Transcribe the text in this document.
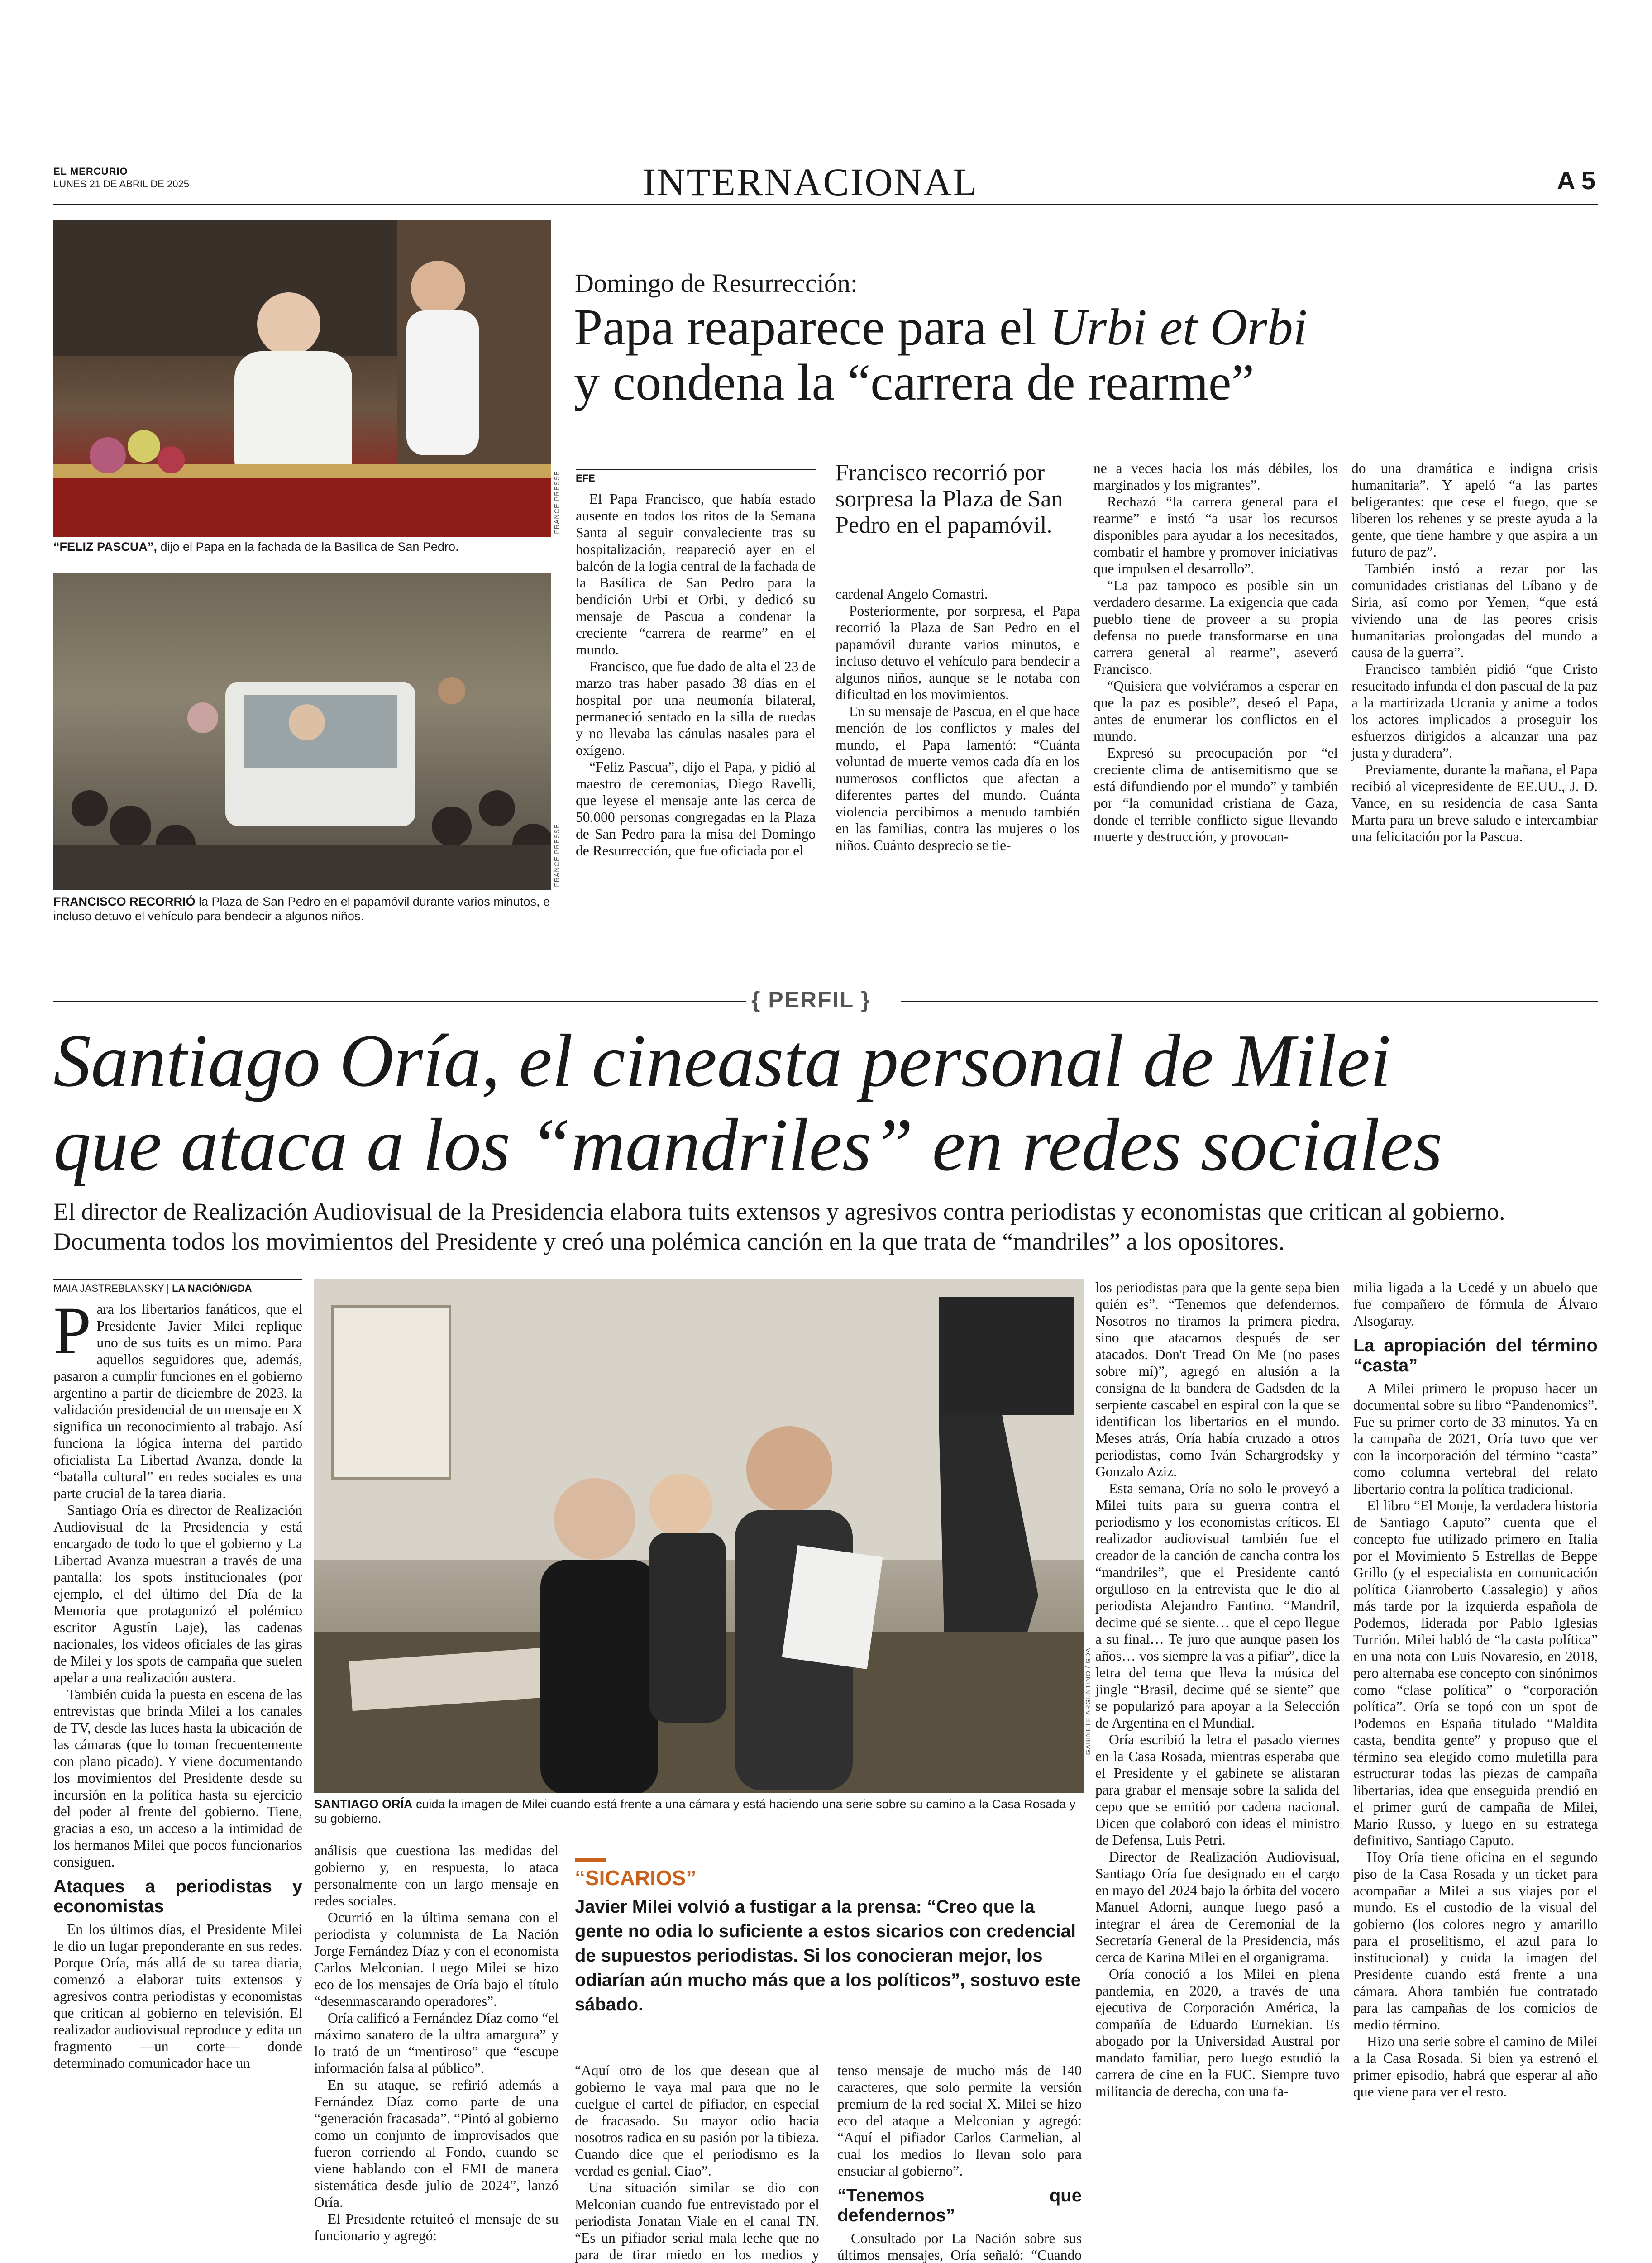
EL MERCURIO
LUNES 21 DE ABRIL DE 2025	INTERNACIONAL	A 5
FRANCE PRESSE
“FELIZ PASCUA”, dijo el Papa en la fachada de la Basílica de San Pedro.
FRANCE PRESSE
FRANCISCO RECORRIÓ la Plaza de San Pedro en el papamóvil durante varios minutos, e incluso detuvo el vehículo para bendecir a algunos niños.
Domingo de Resurrección:
Papa reaparece para el Urbi et Orbi
y condena la “carrera de rearme”
EFE

El Papa Francisco, que había estado ausente en todos los ritos de la Semana Santa al seguir convaleciente tras su hospitalización, reapareció ayer en el balcón de la logia central de la fachada de la Basílica de San Pedro para la bendición Urbi et Orbi, y dedicó su mensaje de Pascua a condenar la creciente “carrera de rearme” en el mundo.

Francisco, que fue dado de alta el 23 de marzo tras haber pasado 38 días en el hospital por una neumonía bilateral, permaneció sentado en la silla de ruedas y no llevaba las cánulas nasales para el oxígeno.

“Feliz Pascua”, dijo el Papa, y pidió al maestro de ceremonias, Diego Ravelli, que leyese el mensaje ante las cerca de 50.000 personas congregadas en la Plaza de San Pedro para la misa del Domingo de Resurrección, que fue oficiada por el

Francisco recorrió por sorpresa la Plaza de San Pedro en el papamóvil.

cardenal Angelo Comastri.

Posteriormente, por sorpresa, el Papa recorrió la Plaza de San Pedro en el papamóvil durante varios minutos, e incluso detuvo el vehículo para bendecir a algunos niños, aunque se le notaba con dificultad en los movimientos.

En su mensaje de Pascua, en el que hace mención de los conflictos y males del mundo, el Papa lamentó: “Cuánta voluntad de muerte vemos cada día en los numerosos conflictos que afectan a diferentes partes del mundo. Cuánta violencia percibimos a menudo también en las familias, contra las mujeres o los niños. Cuánto desprecio se tie-

ne a veces hacia los más débiles, los marginados y los migrantes”.

Rechazó “la carrera general para el rearme” e instó “a usar los recursos disponibles para ayudar a los necesitados, combatir el hambre y promover iniciativas que impulsen el desarrollo”.

“La paz tampoco es posible sin un verdadero desarme. La exigencia que cada pueblo tiene de proveer a su propia defensa no puede transformarse en una carrera general al rearme”, aseveró Francisco.

“Quisiera que volviéramos a esperar en que la paz es posible”, deseó el Papa, antes de enumerar los conflictos en el mundo.

Expresó su preocupación por “el creciente clima de antisemitismo que se está difundiendo por el mundo” y también por “la comunidad cristiana de Gaza, donde el terrible conflicto sigue llevando muerte y destrucción, y provocan-

do una dramática e indigna crisis humanitaria”. Y apeló “a las partes beligerantes: que cese el fuego, que se liberen los rehenes y se preste ayuda a la gente, que tiene hambre y que aspira a un futuro de paz”.

También instó a rezar por las comunidades cristianas del Líbano y de Siria, así como por Yemen, “que está viviendo una de las peores crisis humanitarias prolongadas del mundo a causa de la guerra”.

Francisco también pidió “que Cristo resucitado infunda el don pascual de la paz a la martirizada Ucrania y anime a todos los actores implicados a proseguir los esfuerzos dirigidos a alcanzar una paz justa y duradera”.

Previamente, durante la mañana, el Papa recibió al vicepresidente de EE.UU., J. D. Vance, en su residencia de casa Santa Marta para un breve saludo e intercambiar una felicitación por la Pascua.

{ PERFIL }
Santiago Oría, el cineasta personal de Milei
que ataca a los “mandriles” en redes sociales
El director de Realización Audiovisual de la Presidencia elabora tuits extensos y agresivos contra periodistas y economistas que critican al gobierno. Documenta todos los movimientos del Presidente y creó una polémica canción en la que trata de “mandriles” a los opositores.
MAIA JASTREBLANSKY | LA NACIÓN/GDA

Para los libertarios fanáticos, que el Presidente Javier Milei replique uno de sus tuits es un mimo. Para aquellos seguidores que, además, pasaron a cumplir funciones en el gobierno argentino a partir de diciembre de 2023, la validación presidencial de un mensaje en X significa un reconocimiento al trabajo. Así funciona la lógica interna del partido oficialista La Libertad Avanza, donde la “batalla cultural” en redes sociales es una parte crucial de la tarea diaria.

Santiago Oría es director de Realización Audiovisual de la Presidencia y está encargado de todo lo que el gobierno y La Libertad Avanza muestran a través de una pantalla: los spots institucionales (por ejemplo, el del último del Día de la Memoria que protagonizó el polémico escritor Agustín Laje), las cadenas nacionales, los videos oficiales de las giras de Milei y los spots de campaña que suelen apelar a una realización austera.

También cuida la puesta en escena de las entrevistas que brinda Milei a los canales de TV, desde las luces hasta la ubicación de las cámaras (que lo toman frecuentemente con plano picado). Y viene documentando los movimientos del Presidente desde su incursión en la política hasta su ejercicio del poder al frente del gobierno. Tiene, gracias a eso, un acceso a la intimidad de los hermanos Milei que pocos funcionarios consiguen.

Ataques a periodistas y economistas

En los últimos días, el Presidente Milei le dio un lugar preponderante en sus redes. Porque Oría, más allá de su tarea diaria, comenzó a elaborar tuits extensos y agresivos contra periodistas y economistas que critican al gobierno en televisión. El realizador audiovisual reproduce y edita un fragmento —un corte— donde determinado comunicador hace un

GABINETE ARGENTINO / GDA
SANTIAGO ORÍA cuida la imagen de Milei cuando está frente a una cámara y está haciendo una serie sobre su camino a la Casa Rosada y su gobierno.

análisis que cuestiona las medidas del gobierno y, en respuesta, lo ataca personalmente con un largo mensaje en redes sociales.

Ocurrió en la última semana con el periodista y columnista de La Nación Jorge Fernández Díaz y con el economista Carlos Melconian. Luego Milei se hizo eco de los mensajes de Oría bajo el título “desenmascarando operadores”.

Oría calificó a Fernández Díaz como “el máximo sanatero de la ultra amargura” y lo trató de un “mentiroso” que “escupe información falsa al público”.

En su ataque, se refirió además a Fernández Díaz como parte de una “generación fracasada”. “Pintó al gobierno como un conjunto de improvisados que fueron corriendo al Fondo, cuando se viene hablando con el FMI de manera sistemática desde julio de 2024”, lanzó Oría.

El Presidente retuiteó el mensaje de su funcionario y agregó:

“SICARIOS”
Javier Milei volvió a fustigar a la prensa: “Creo que la gente no odia lo suficiente a estos sicarios con credencial de supuestos periodistas. Si los conocieran mejor, los odiarían aún mucho más que a los políticos”, sostuvo este sábado.

“Aquí otro de los que desean que al gobierno le vaya mal para que no le cuelgue el cartel de pifiador, en especial de fracasado. Su mayor odio hacia nosotros radica en su pasión por la tibieza. Cuando dice que el periodismo es la verdad es genial. Ciao”.

Una situación similar se dio con Melconian cuando fue entrevistado por el periodista Jonatan Viale en el canal TN. “Es un pifiador serial mala leche que no para de tirar miedo en los medios y

tenso mensaje de mucho más de 140 caracteres, que solo permite la versión premium de la red social X. Milei se hizo eco del ataque a Melconian y agregó: “Aquí el pifiador Carlos Carmelian, al cual los medios lo llevan solo para ensuciar al gobierno”.

“Tenemos que defendernos”

Consultado por La Nación sobre sus últimos mensajes, Oría señaló: “Cuando

los periodistas para que la gente sepa bien quién es”. “Tenemos que defendernos. Nosotros no tiramos la primera piedra, sino que atacamos después de ser atacados. Don't Tread On Me (no pases sobre mí)”, agregó en alusión a la consigna de la bandera de Gadsden de la serpiente cascabel en espiral con la que se identifican los libertarios en el mundo. Meses atrás, Oría había cruzado a otros periodistas, como Iván Schargrodsky y Gonzalo Aziz.

Esta semana, Oría no solo le proveyó a Milei tuits para su guerra contra el periodismo y los economistas críticos. El realizador audiovisual también fue el creador de la canción de cancha contra los “mandriles”, que el Presidente cantó orgulloso en la entrevista que le dio al periodista Alejandro Fantino. “Mandril, decime qué se siente… que el cepo llegue a su final… Te juro que aunque pasen los años… vos siempre la vas a pifiar”, dice la letra del tema que lleva la música del jingle “Brasil, decime qué se siente” que se popularizó para apoyar a la Selección de Argentina en el Mundial.

Oría escribió la letra el pasado viernes en la Casa Rosada, mientras esperaba que el Presidente y el gabinete se alistaran para grabar el mensaje sobre la salida del cepo que se emitió por cadena nacional. Dicen que colaboró con ideas el ministro de Defensa, Luis Petri.

Director de Realización Audiovisual, Santiago Oría fue designado en el cargo en mayo del 2024 bajo la órbita del vocero Manuel Adorni, aunque luego pasó a integrar el área de Ceremonial de la Secretaría General de la Presidencia, más cerca de Karina Milei en el organigrama.

Oría conoció a los Milei en plena pandemia, en 2020, a través de una ejecutiva de Corporación América, la compañía de Eduardo Eurnekian. Es abogado por la Universidad Austral por mandato familiar, pero luego estudió la carrera de cine en la FUC. Siempre tuvo militancia de derecha, con una fa-

milia ligada a la Ucedé y un abuelo que fue compañero de fórmula de Álvaro Alsogaray.

La apropiación del término “casta”

A Milei primero le propuso hacer un documental sobre su libro “Pandenomics”. Fue su primer corto de 33 minutos. Ya en la campaña de 2021, Oría tuvo que ver con la incorporación del término “casta” como columna vertebral del relato libertario contra la política tradicional.

El libro “El Monje, la verdadera historia de Santiago Caputo” cuenta que el concepto fue utilizado primero en Italia por el Movimiento 5 Estrellas de Beppe Grillo (y el especialista en comunicación política Gianroberto Cassalegio) y años más tarde por la izquierda española de Podemos, liderada por Pablo Iglesias Turrión. Milei habló de “la casta política” en una nota con Luis Novaresio, en 2018, pero alternaba ese concepto con sinónimos como “clase política” o “corporación política”. Oría se topó con un spot de Podemos en España titulado “Maldita casta, bendita gente” y propuso que el término sea elegido como muletilla para estructurar todas las piezas de campaña libertarias, idea que enseguida prendió en el primer gurú de campaña de Milei, Mario Russo, y luego en su estratega definitivo, Santiago Caputo.

Hoy Oría tiene oficina en el segundo piso de la Casa Rosada y un ticket para acompañar a Milei a sus viajes por el mundo. Es el custodio de la visual del gobierno (los colores negro y amarillo para el proselitismo, el azul para lo institucional) y cuida la imagen del Presidente cuando está frente a una cámara. Ahora también fue contratado para las campañas de los comicios de medio término.

Hizo una serie sobre el camino de Milei a la Casa Rosada. Si bien ya estrenó el primer episodio, habrá que esperar al año que viene para ver el resto.
